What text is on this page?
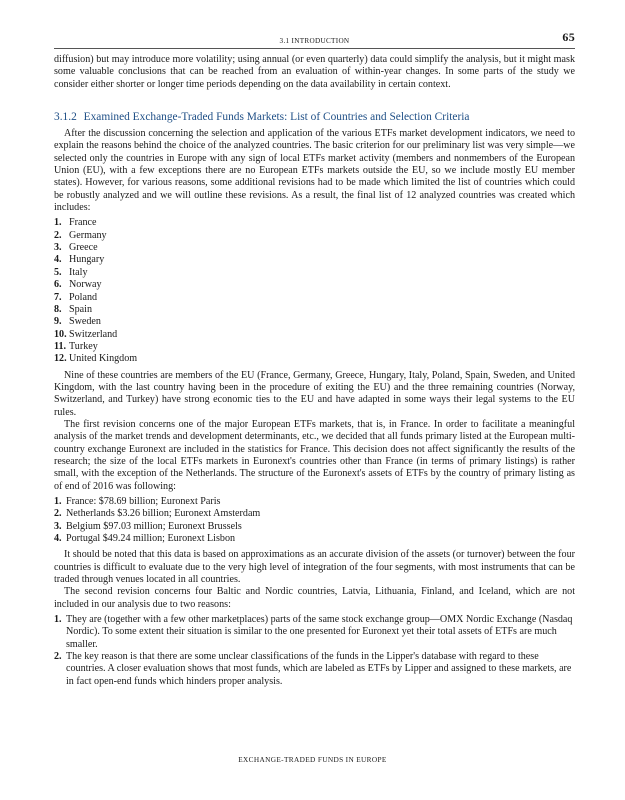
3.1 INTRODUCTION	65

diffusion) but may introduce more volatility; using annual (or even quarterly) data could simplify the analysis, but it might mask some valuable conclusions that can be reached from an evaluation of within-year changes. In some parts of the study we consider either shorter or longer time periods depending on the data availability in certain context.

3.1.2 Examined Exchange-Traded Funds Markets: List of Countries and Selection Criteria

After the discussion concerning the selection and application of the various ETFs market development indicators, we need to explain the reasons behind the choice of the analyzed countries. The basic criterion for our preliminary list was very simple—we selected only the countries in Europe with any sign of local ETFs market activity (members and nonmembers of the European Union (EU), with a few exceptions there are no European ETFs markets outside the EU, so we include mostly EU member states). However, for various reasons, some additional revisions had to be made which limited the list of countries which could be robustly analyzed and we will outline these revisions. As a result, the final list of 12 analyzed countries was created which includes:

1. France
2. Germany
3. Greece
4. Hungary
5. Italy
6. Norway
7. Poland
8. Spain
9. Sweden
10. Switzerland
11. Turkey
12. United Kingdom

Nine of these countries are members of the EU (France, Germany, Greece, Hungary, Italy, Poland, Spain, Sweden, and United Kingdom, with the last country having been in the procedure of exiting the EU) and the three remaining countries (Norway, Switzerland, and Turkey) have strong economic ties to the EU and have adapted in some ways their legal systems to the EU rules.

The first revision concerns one of the major European ETFs markets, that is, in France. In order to facilitate a meaningful analysis of the market trends and development determinants, etc., we decided that all funds primary listed at the European multi-country exchange Euronext are included in the statistics for France. This decision does not affect significantly the results of the research; the size of the local ETFs markets in Euronext's countries other than France (in terms of primary listings) is rather small, with the exception of the Netherlands. The structure of the Euronext's assets of ETFs by the country of primary listing as of end of 2016 was following:

1. France: $78.69 billion; Euronext Paris
2. Netherlands $3.26 billion; Euronext Amsterdam
3. Belgium $97.03 million; Euronext Brussels
4. Portugal $49.24 million; Euronext Lisbon

It should be noted that this data is based on approximations as an accurate division of the assets (or turnover) between the four countries is difficult to evaluate due to the very high level of integration of the four segments, with most instruments that can be traded through venues located in all countries.

The second revision concerns four Baltic and Nordic countries, Latvia, Lithuania, Finland, and Iceland, which are not included in our analysis due to two reasons:

1. They are (together with a few other marketplaces) parts of the same stock exchange group—OMX Nordic Exchange (Nasdaq Nordic). To some extent their situation is similar to the one presented for Euronext yet their total assets of ETFs are much smaller.
2. The key reason is that there are some unclear classifications of the funds in the Lipper's database with regard to these countries. A closer evaluation shows that most funds, which are labeled as ETFs by Lipper and assigned to these markets, are in fact open-end funds which hinders proper analysis.
EXCHANGE-TRADED FUNDS IN EUROPE
